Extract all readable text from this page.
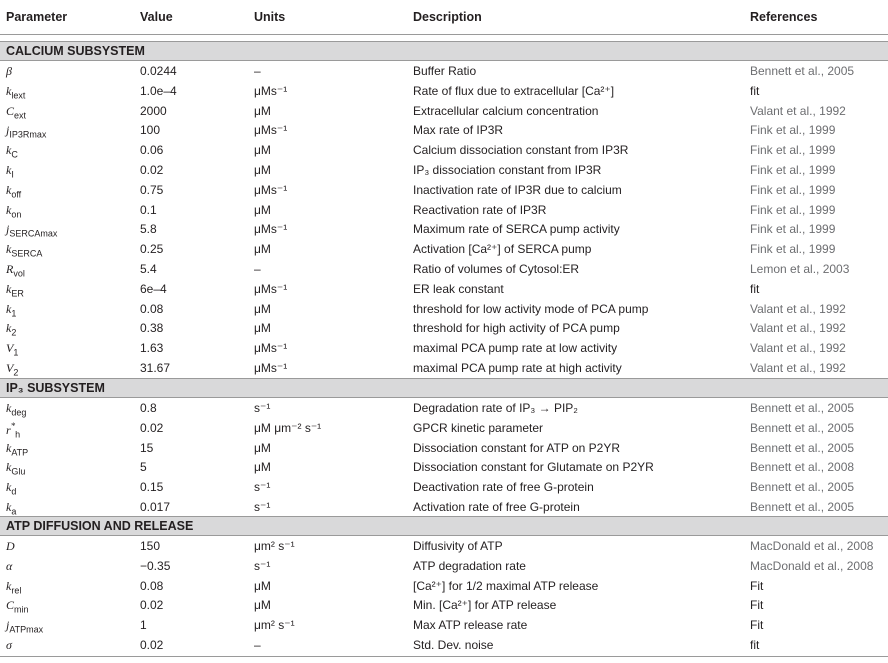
Parameter	Value	Units	Description	References
CALCIUM SUBSYSTEM
β	0.0244	–	Buffer Ratio	Bennett et al., 2005
$k_{lext}$	1.0e–4	μMs⁻¹	Rate of flux due to extracellular [Ca²⁺]	fit
$C_{ext}$	2000	μM	Extracellular calcium concentration	Valant et al., 1992
$j_{IP3Rmax}$	100	μMs⁻¹	Max rate of IP3R	Fink et al., 1999
$k_C$	0.06	μM	Calcium dissociation constant from IP3R	Fink et al., 1999
$k_I$	0.02	μM	IP₃ dissociation constant from IP3R	Fink et al., 1999
$k_{off}$	0.75	μMs⁻¹	Inactivation rate of IP3R due to calcium	Fink et al., 1999
$k_{on}$	0.1	μM	Reactivation rate of IP3R	Fink et al., 1999
$j_{SERCAmax}$	5.8	μMs⁻¹	Maximum rate of SERCA pump activity	Fink et al., 1999
$k_{SERCA}$	0.25	μM	Activation [Ca²⁺] of SERCA pump	Fink et al., 1999
$R_{vol}$	5.4	–	Ratio of volumes of Cytosol:ER	Lemon et al., 2003
$k_{ER}$	6e–4	μMs⁻¹	ER leak constant	fit
$k_1$	0.08	μM	threshold for low activity mode of PCA pump	Valant et al., 1992
$k_2$	0.38	μM	threshold for high activity of PCA pump	Valant et al., 1992
$V_1$	1.63	μMs⁻¹	maximal PCA pump rate at low activity	Valant et al., 1992
$V_2$	31.67	μMs⁻¹	maximal PCA pump rate at high activity	Valant et al., 1992
IP₃ SUBSYSTEM
$k_{deg}$	0.8	s⁻¹	Degradation rate of IP₃ → PIP₂	Bennett et al., 2005
$r^*_h$	0.02	μM μm⁻² s⁻¹	GPCR kinetic parameter	Bennett et al., 2005
$k_{ATP}$	15	μM	Dissociation constant for ATP on P2YR	Bennett et al., 2005
$k_{Glu}$	5	μM	Dissociation constant for Glutamate on P2YR	Bennett et al., 2008
$k_d$	0.15	s⁻¹	Deactivation rate of free G-protein	Bennett et al., 2005
$k_a$	0.017	s⁻¹	Activation rate of free G-protein	Bennett et al., 2005
ATP DIFFUSION AND RELEASE
D	150	μm² s⁻¹	Diffusivity of ATP	MacDonald et al., 2008
α	−0.35	s⁻¹	ATP degradation rate	MacDonald et al., 2008
$k_{rel}$	0.08	μM	[Ca²⁺] for 1/2 maximal ATP release	Fit
$C_{min}$	0.02	μM	Min. [Ca²⁺] for ATP release	Fit
$j_{ATPmax}$	1	μm² s⁻¹	Max ATP release rate	Fit
σ	0.02	–	Std. Dev. noise	fit
